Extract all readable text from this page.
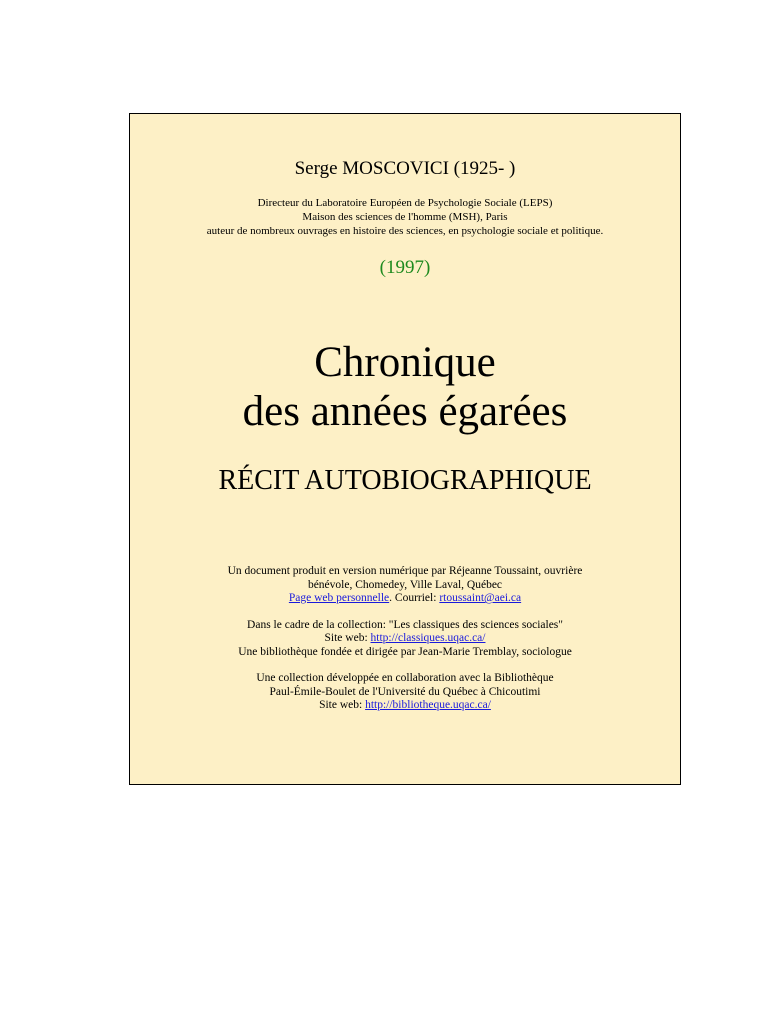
Serge MOSCOVICI (1925- )
Directeur du Laboratoire Européen de Psychologie Sociale (LEPS)
Maison des sciences de l'homme (MSH), Paris
auteur de nombreux ouvrages en histoire des sciences, en psychologie sociale et politique.
(1997)
Chronique
des années égarées
RÉCIT AUTOBIOGRAPHIQUE

Un document produit en version numérique par Réjeanne Toussaint, ouvrière
bénévole, Chomedey, Ville Laval, Québec
Page web personnelle. Courriel: rtoussaint@aei.ca

Dans le cadre de la collection: "Les classiques des sciences sociales"
Site web: http://classiques.uqac.ca/
Une bibliothèque fondée et dirigée par Jean-Marie Tremblay, sociologue

Une collection développée en collaboration avec la Bibliothèque
Paul-Émile-Boulet de l'Université du Québec à Chicoutimi
Site web: http://bibliotheque.uqac.ca/
